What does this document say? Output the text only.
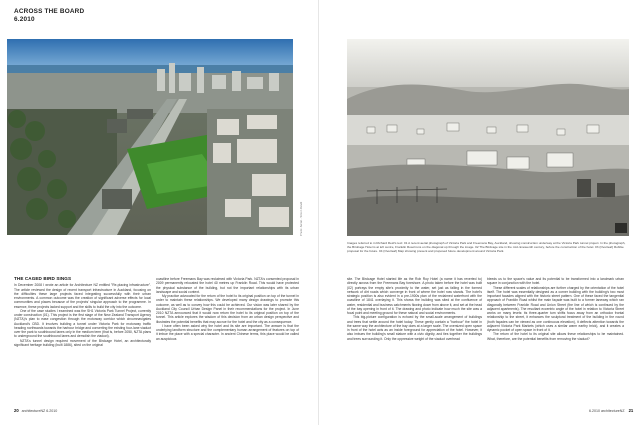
ACROSS THE BOARD
6.2010
Photo: Aerial - Simon Devitt
THE CAGED BIRD SINGS

In December 2008 I wrote an article for Architecture NZ entitled "Re-placing infrastructure". The article reviewed the design of recent transport infrastructure in Auckland, focusing on the difficulties these large projects faced integrating successfully with their urban environments. A common outcome was the creation of significant adverse effects for local communities and places because of the projects' singular approach to the programme. In essence, these projects lacked support and the skills to build the city into the outcome.

One of the case studies I examined was the SH1 Victoria Park Tunnel Project, currently under construction (01). This project is the first stage of the New Zealand Transport Agency (NZTA)'s plan to ease congestion through the motorway corridor which circumnavigates Auckland's CBD. It involves building a tunnel under Victoria Park for motorway traffic heading northwards towards the harbour bridge and converting the existing four-lane viaduct over the park to southbound lanes only in the medium term (that is, before 2050, NZTA plans to underground the southbound lanes and demolish the viaduct).

NZTA's tunnel design required movement of the Birdcage Hotel, an architecturally significant heritage building (built 1886), sited on the original

coastline before Freemans Bay was reclaimed with Victoria Park. NZTA's consented proposal in 2009 permanently relocated the hotel 40 metres up Franklin Road. This would have protected the physical substance of the building, but not the important relationships with its urban landscape and social context.

My practice advocated for the return of the hotel to its original position on top of the tunnel in order to maintain these relationships. We developed many design drawings to promote this outcome, as well as to convey how this could be achieved. Our vision was later shared by the Auckland City Council Urban Design Panel in their recommendations for the project. In June 2010 NZTA announced that it would now return the hotel to its original position on top of the tunnel. This article explores the wisdom of this decision from an urban design perspective and illustrates the potential benefits that may accrue for the hotel and the city as a consequence.

I have often been asked why the hotel and its site are important. The answer is that the underlying landform structure and the complementary human arrangement of features on top of it imbue the place with a special character. In ancient Chinese terms, this place would be called an auspicious

20 architectureNZ 6.2010
Images referred to in Richard Reid's text: 01 A recent aerial photograph of Victoria Park and Freemans Bay, Auckland, showing construction underway at the Victoria Park tunnel project. In the photograph, the Birdcage Hotel is at left centre, Franklin Road runs on the diagonal up through the image. 02 The Birdcage site in the mid-nineteenth century, before the construction of the hotel. 03 (Overleaf) Robbie proposal for the future. 04 (Overleaf) Map showing present and proposed future development around Victoria Park.

site. The Birdcage Hotel started life as the Rob Roy Hotel (a name it has reverted to) directly across from the Freemans Bay foreshore. A photo taken before the hotel was built (02) portrays the empty site's proximity to the water, set just as falling in the formed network of dirt roads which converge in front of where the hotel now stands. The hotel's strategic position is also evident in a pre-1900s plan of the reclaimed waterfront with the coastline of 1841 overlaying it. This shows the building was sited at the confluence of water, residential and business catchments flowing down from above it, and set at the head of the bay opening in front of it. The drawing and photo indicate how much the site was a focal point and meeting ground for these natural and social environments.

This big-picture configuration is echoed by the small-scale arrangement of buildings and trees that settle around the hotel today. These gently contain a "harbour" the hotel in the same way the architecture of the bay does at a larger scale. The oversized open space in front of the hotel acts as an inside foreground for appreciation of the hotel. However, it also imbues the building's small stature with a civic dignity, and ties together the buildings and trees surrounding it. Only the oppressive weight of the viaduct overhead

bleeds us to the space's value and its potential to be transformed into a landmark urban square in conjunction with the hotel.

These different scales of relationships are further charged by the orientation of the hotel itself. The hotel was essentially designed as a corner building with the building's two most important facades aligned with the historic street pattern. One of these faced the tangential approach of Franklin Road whilst the main façade was built to a former laneway which ran diagonally between Franklin Road and Union Street (the line of which is continued by the adjacent apartments). The resultant eccentric angle of the hotel in relation to Victoria Street works on many levels: its three-quarter turn shifts focus away from an orthodox frontal relationship to the street, it enhances the sculptural treatment of the building in the round (both façades can be viewed as one continuous elevation), it deflects attention towards the adjacent Victoria Park Markets (which uses a similar warm earthy brick), and it creates a dynamic pocket of open space in front of it.

The return of the hotel to its original site allows these relationships to be maintained. What, therefore, are the potential benefits from removing the viaduct?

6.2010 architectureNZ 21
